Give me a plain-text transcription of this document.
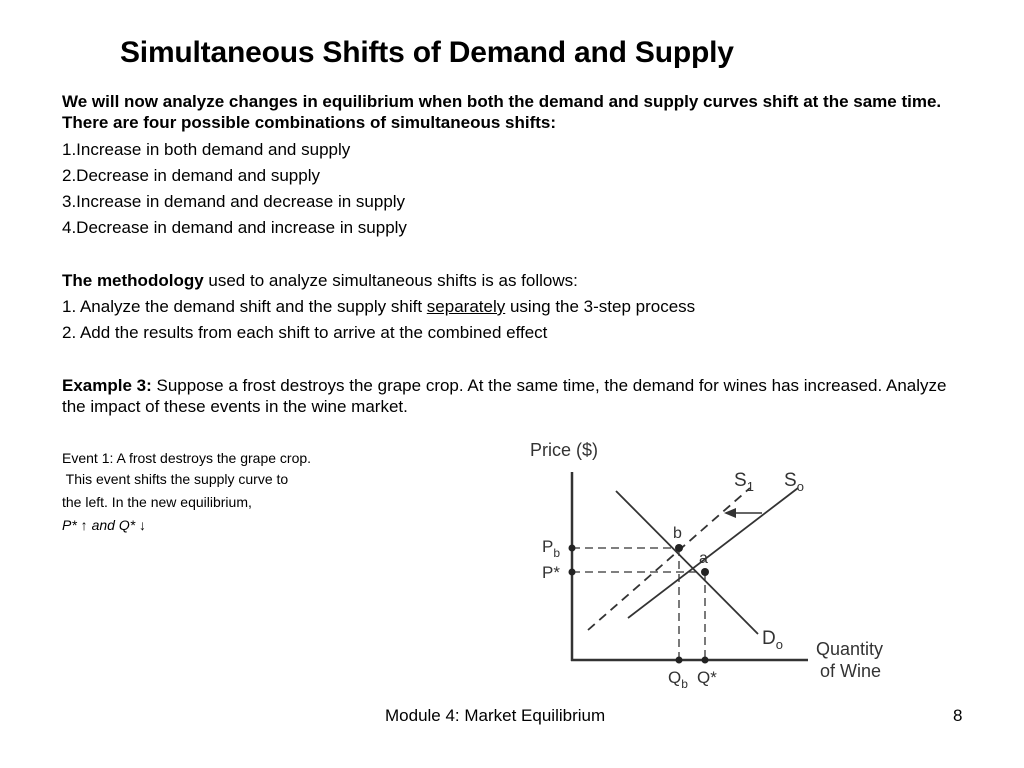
Simultaneous Shifts of Demand and Supply

We will now analyze changes in equilibrium when both the demand and supply curves shift at the same time. There are four possible combinations of simultaneous shifts:

1.Increase in both demand and supply

2.Decrease in demand and supply

3.Increase in demand and decrease in supply

4.Decrease in demand and increase in supply

The methodology used to analyze simultaneous shifts is as follows:

1. Analyze the demand shift and the supply shift separately using the 3-step process

2. Add the results from each shift to arrive at the combined effect

Example 3: Suppose a frost destroys the grape crop. At the same time, the demand for wines has increased. Analyze the impact of these events in the wine market.

Event 1: A frost destroys the grape crop.

This event shifts the supply curve to

the left. In the new equilibrium,

P* ↑ and Q* ↓

Price ($)
$S_1$ $S_o$
b
a
$P_b$
P*
$D_o$ Quantity
of Wine
$Q_b$ Q*

Module 4: Market Equilibrium	8
